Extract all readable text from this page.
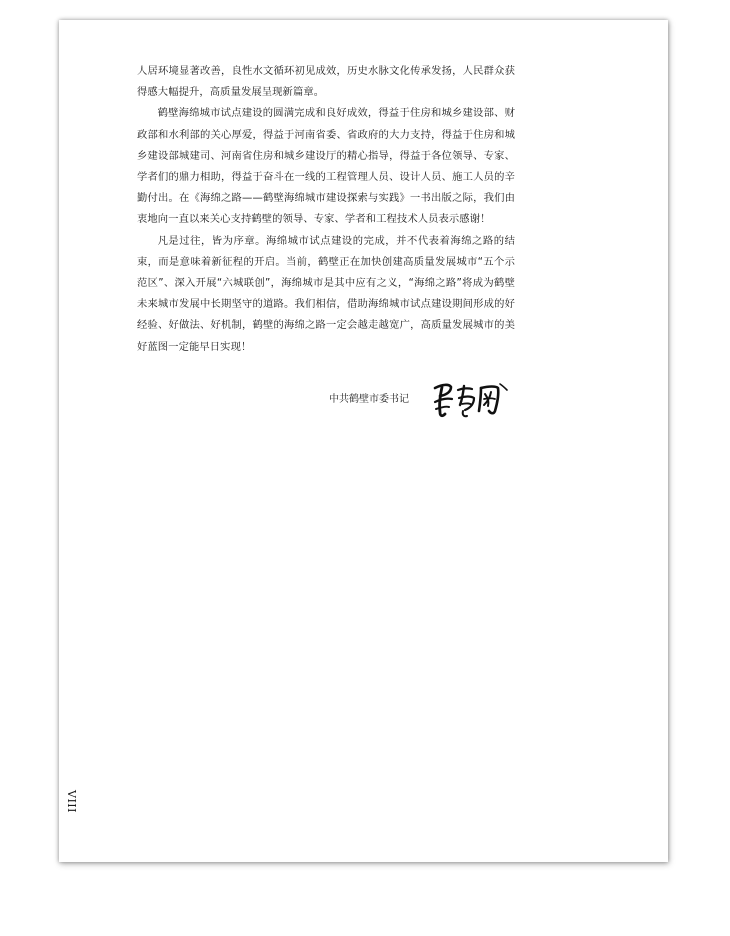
人居环境显著改善，良性水文循环初见成效，历史水脉文化传承发扬，人民群众获得感大幅提升，高质量发展呈现新篇章。

鹤壁海绵城市试点建设的圆满完成和良好成效，得益于住房和城乡建设部、财政部和水利部的关心厚爱，得益于河南省委、省政府的大力支持，得益于住房和城乡建设部城建司、河南省住房和城乡建设厅的精心指导，得益于各位领导、专家、学者们的鼎力相助，得益于奋斗在一线的工程管理人员、设计人员、施工人员的辛勤付出。在《海绵之路——鹤壁海绵城市建设探索与实践》一书出版之际，我们由衷地向一直以来关心支持鹤壁的领导、专家、学者和工程技术人员表示感谢！

凡是过往，皆为序章。海绵城市试点建设的完成，并不代表着海绵之路的结束，而是意味着新征程的开启。当前，鹤壁正在加快创建高质量发展城市“五个示范区”、深入开展“六城联创”，海绵城市是其中应有之义，“海绵之路”将成为鹤壁未来城市发展中长期坚守的道路。我们相信，借助海绵城市试点建设期间形成的好经验、好做法、好机制，鹤壁的海绵之路一定会越走越宽广，高质量发展城市的美好蓝图一定能早日实现！

中共鹤壁市委书记
VIII
